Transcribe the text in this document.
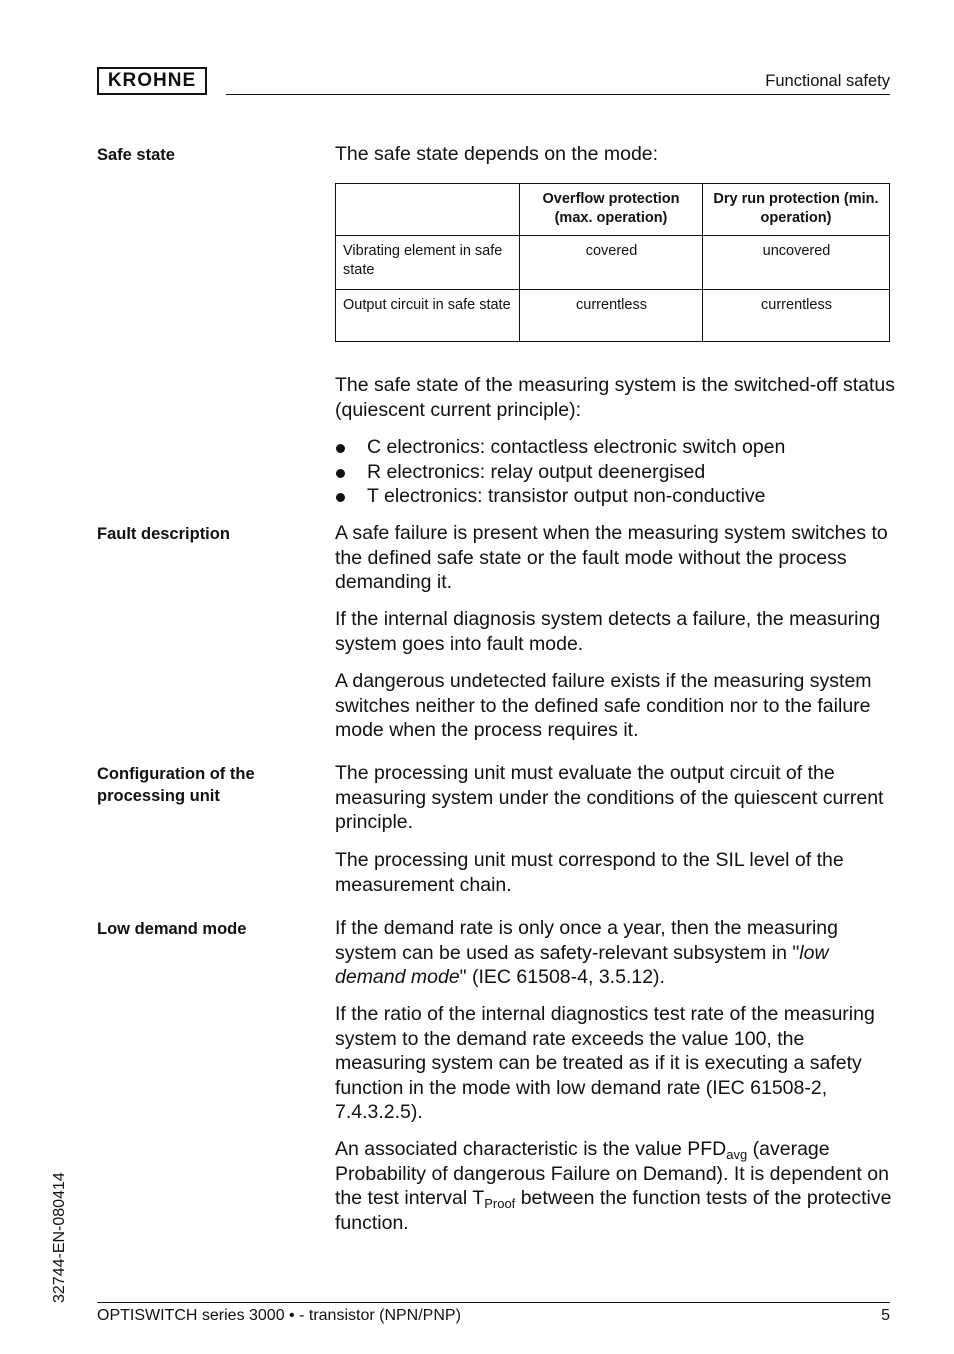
KROHNE	Functional safety
Safe state	The safe state depends on the mode:

	Overflow protection (max. operation)	Dry run protection (min. operation)
Vibrating element in safe state	covered	uncovered
Output circuit in safe state	currentless	currentless

The safe state of the measuring system is the switched-off status (quiescent current principle):

C electronics: contactless electronic switch open
R electronics: relay output deenergised
T electronics: transistor output non-conductive
Fault description	A safe failure is present when the measuring system switches to the defined safe state or the fault mode without the process demanding it.

If the internal diagnosis system detects a failure, the measuring system goes into fault mode.

A dangerous undetected failure exists if the measuring system switches neither to the defined safe condition nor to the failure mode when the process requires it.

Configuration of the
processing unit

The processing unit must evaluate the output circuit of the measuring system under the conditions of the quiescent current principle.

The processing unit must correspond to the SIL level of the measurement chain.

Low demand mode	If the demand rate is only once a year, then the measuring system can be used as safety-relevant subsystem in "low demand mode" (IEC 61508-4, 3.5.12).

If the ratio of the internal diagnostics test rate of the measuring system to the demand rate exceeds the value 100, the measuring system can be treated as if it is executing a safety function in the mode with low demand rate (IEC 61508-2, 7.4.3.2.5).

An associated characteristic is the value $PFD_{avg}$ (average Probability of dangerous Failure on Demand). It is dependent on the test interval $T_{Proof}$ between the function tests of the protective function.

32744-EN-080414
OPTISWITCH series 3000 • - transistor (NPN/PNP)	5
